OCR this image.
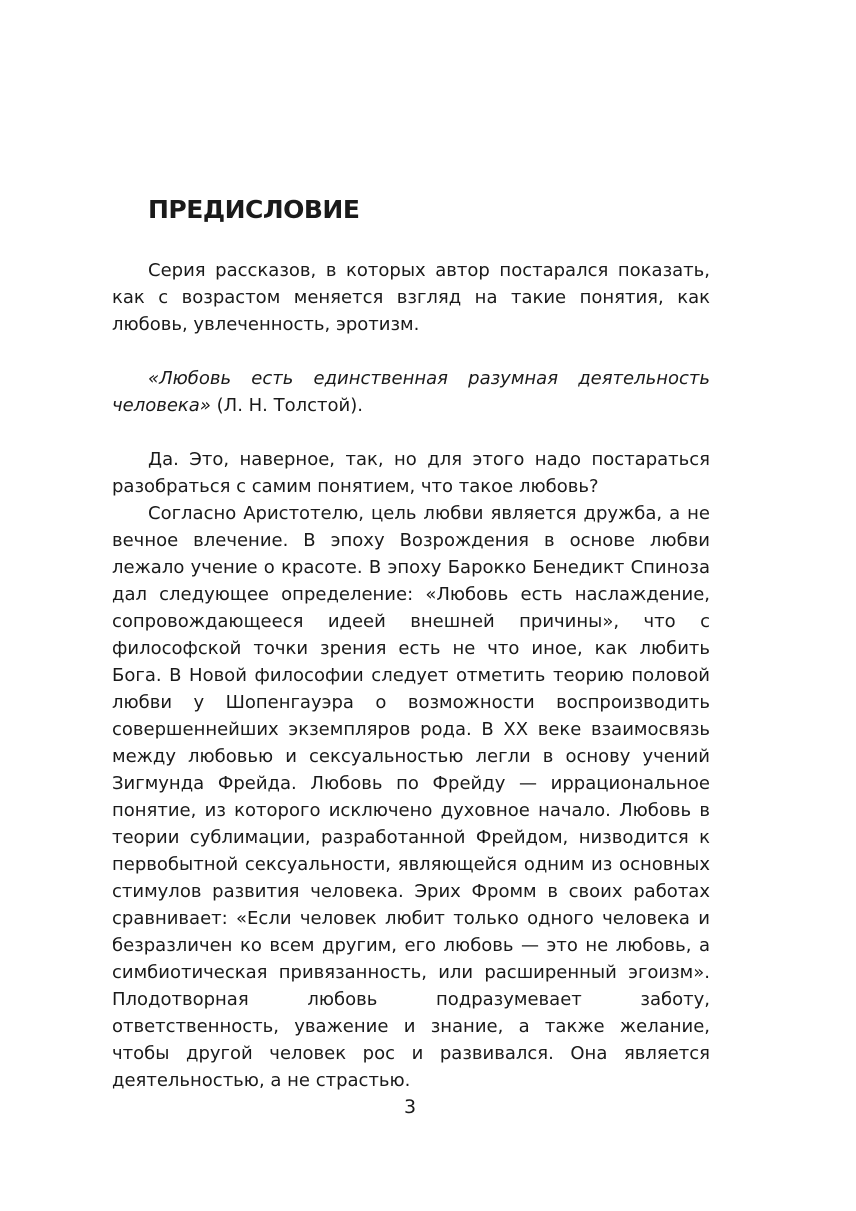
ПРЕДИСЛОВИЕ

Серия рассказов, в которых автор постарался показать, как с возрастом меняется взгляд на такие понятия, как любовь, увлеченность, эротизм.

«Любовь есть единственная разумная деятельность человека» (Л. Н. Толстой).

Да. Это, наверное, так, но для этого надо постараться разобраться с самим понятием, что такое любовь?

Согласно Аристотелю, цель любви является дружба, а не вечное влечение. В эпоху Возрождения в основе любви лежало учение о красоте. В эпоху Барокко Бенедикт Спиноза дал следующее определение: «Любовь есть наслаждение, сопровождающееся идеей внешней причины», что с философской точки зрения есть не что иное, как любить Бога. В Новой философии следует отметить теорию половой любви у Шопенгауэра о возможности воспроизводить совершеннейших экземпляров рода. В XX веке взаимосвязь между любовью и сексуальностью легли в основу учений Зигмунда Фрейда. Любовь по Фрейду — иррациональное понятие, из которого исключено духовное начало. Любовь в теории сублимации, разработанной Фрейдом, низводится к первобытной сексуальности, являющейся одним из основных стимулов развития человека. Эрих Фромм в своих работах сравнивает: «Если человек любит только одного человека и безразличен ко всем другим, его любовь — это не любовь, а симбиотическая привязанность, или расширенный эгоизм». Плодотворная любовь подразумевает заботу, ответственность, уважение и знание, а также желание, чтобы другой человек рос и развивался. Она является деятельностью, а не страстью.

3
